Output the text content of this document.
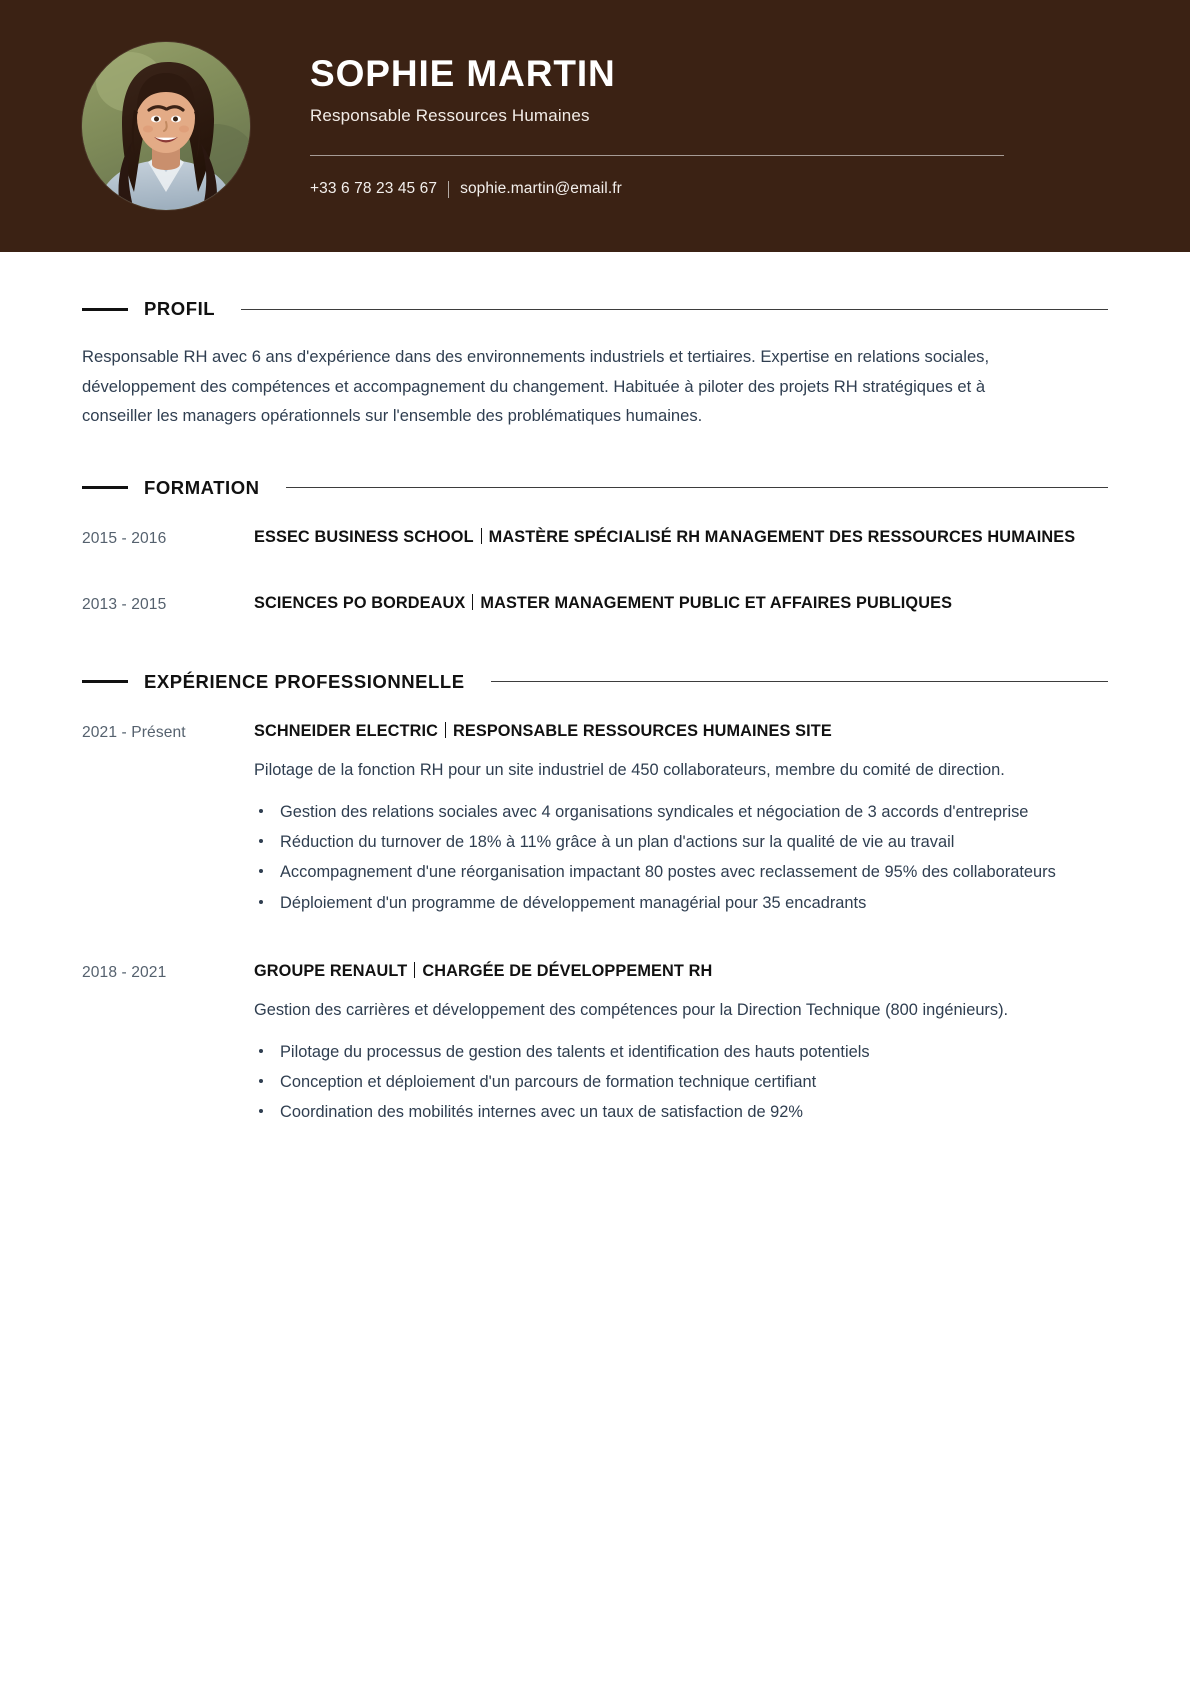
SOPHIE MARTIN

Responsable Ressources Humaines

+33 6 78 23 45 67 sophie.martin@email.fr
PROFIL

Responsable RH avec 6 ans d'expérience dans des environnements industriels et tertiaires. Expertise en relations sociales, développement des compétences et accompagnement du changement. Habituée à piloter des projets RH stratégiques et à conseiller les managers opérationnels sur l'ensemble des problématiques humaines.

FORMATION
2015 - 2016	ESSEC BUSINESS SCHOOL MASTÈRE SPÉCIALISÉ RH MANAGEMENT DES RESSOURCES HUMAINES

2013 - 2015	SCIENCES PO BORDEAUX MASTER MANAGEMENT PUBLIC ET AFFAIRES PUBLIQUES

EXPÉRIENCE PROFESSIONNELLE
2021 - Présent	SCHNEIDER ELECTRIC RESPONSABLE RESSOURCES HUMAINES SITE

Pilotage de la fonction RH pour un site industriel de 450 collaborateurs, membre du comité de direction.

Gestion des relations sociales avec 4 organisations syndicales et négociation de 3 accords d'entreprise
Réduction du turnover de 18% à 11% grâce à un plan d'actions sur la qualité de vie au travail
Accompagnement d'une réorganisation impactant 80 postes avec reclassement de 95% des collaborateurs
Déploiement d'un programme de développement managérial pour 35 encadrants
2018 - 2021	GROUPE RENAULT CHARGÉE DE DÉVELOPPEMENT RH

Gestion des carrières et développement des compétences pour la Direction Technique (800 ingénieurs).

Pilotage du processus de gestion des talents et identification des hauts potentiels
Conception et déploiement d'un parcours de formation technique certifiant
Coordination des mobilités internes avec un taux de satisfaction de 92%
